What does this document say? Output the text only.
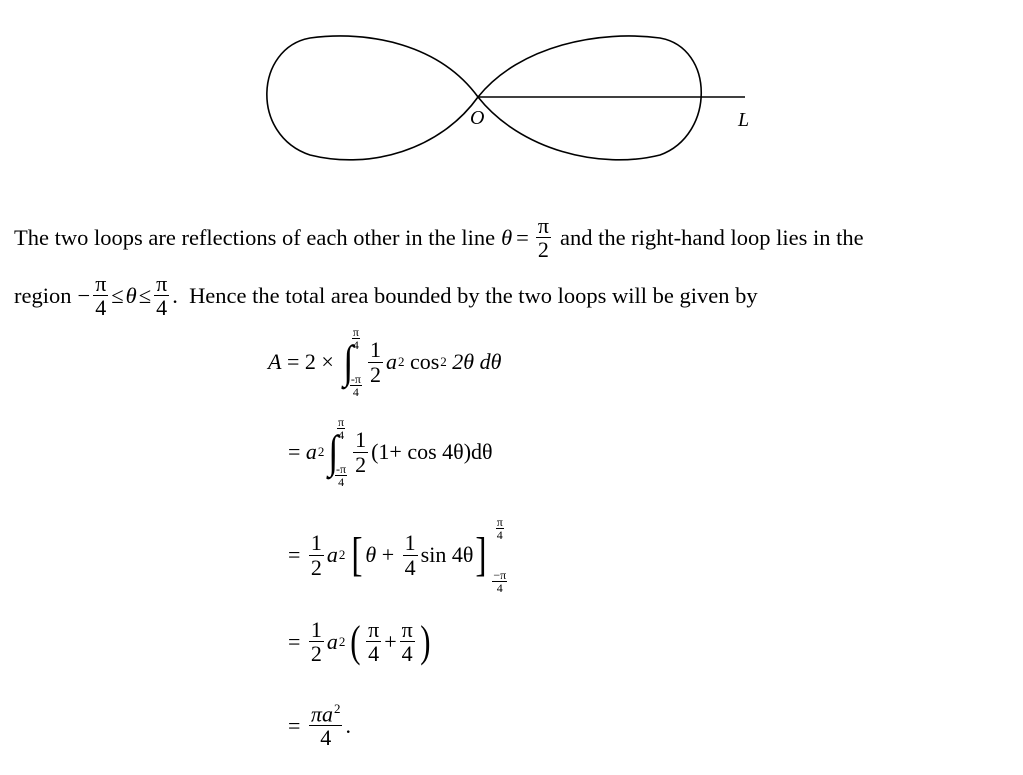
O	L
The two loops are reflections of each other in the line $\theta = \frac{\pi}{2}$ and the right-hand loop lies in the
region − $\frac{\pi}{4} \le \theta \le \frac{\pi}{4}$ .  Hence the total area bounded by the two loops will be given by
A = 2 × ∫
$\frac{\pi}{4}$
$\frac{-\pi}{4} \frac{1}{2}$ a 2 cos 2 2θ dθ
= a 2 ∫
$\frac{\pi}{4}$
$\frac{-\pi}{4} \frac{1}{2} (1+ \cos 4\theta)d\theta$
= $\frac{1}{2}$ a 2 [ $\theta + \frac{1}{4}$ sin 4θ ] $\frac{\pi}{4}$
$\frac{-\pi}{4}$
= $\frac{1}{2}$ a 2 ( $\frac{\pi}{4} + \frac{\pi}{4}$ )
= $\frac{\pi a^2}{4}$ .
